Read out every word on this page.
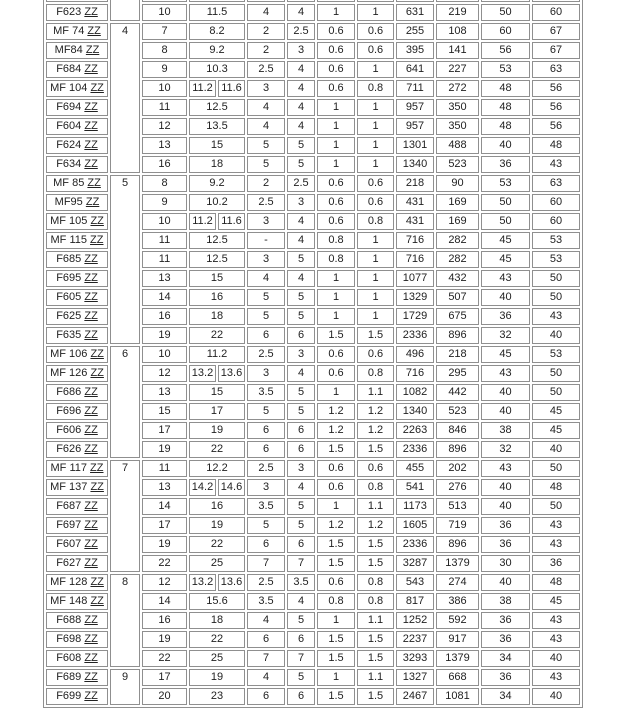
F623 ZZ		10	11.5		4	4	1	1	631	219	50	60
MF 74 ZZ	4	7	8.2		2	2.5	0.6	0.6	255	108	60	67
MF84 ZZ		8	9.2		2	3	0.6	0.6	395	141	56	67
F684 ZZ		9	10.3		2.5	4	0.6	1	641	227	53	63
MF 104 ZZ		10	11.2	11.6	3	4	0.6	0.8	711	272	48	56
F694 ZZ		11	12.5		4	4	1	1	957	350	48	56
F604 ZZ		12	13.5		4	4	1	1	957	350	48	56
F624 ZZ		13	15		5	5	1	1	1301	488	40	48
F634 ZZ		16	18		5	5	1	1	1340	523	36	43
MF 85 ZZ	5	8	9.2		2	2.5	0.6	0.6	218	90	53	63
MF95 ZZ		9	10.2		2.5	3	0.6	0.6	431	169	50	60
MF 105 ZZ		10	11.2	11.6	3	4	0.6	0.8	431	169	50	60
MF 115 ZZ		11	12.5		-	4	0.8	1	716	282	45	53
F685 ZZ		11	12.5		3	5	0.8	1	716	282	45	53
F695 ZZ		13	15		4	4	1	1	1077	432	43	50
F605 ZZ		14	16		5	5	1	1	1329	507	40	50
F625 ZZ		16	18		5	5	1	1	1729	675	36	43
F635 ZZ		19	22		6	6	1.5	1.5	2336	896	32	40
MF 106 ZZ	6	10	11.2		2.5	3	0.6	0.6	496	218	45	53
MF 126 ZZ		12	13.2	13.6	3	4	0.6	0.8	716	295	43	50
F686 ZZ		13	15		3.5	5	1	1.1	1082	442	40	50
F696 ZZ		15	17		5	5	1.2	1.2	1340	523	40	45
F606 ZZ		17	19		6	6	1.2	1.2	2263	846	38	45
F626 ZZ		19	22		6	6	1.5	1.5	2336	896	32	40
MF 117 ZZ	7	11	12.2		2.5	3	0.6	0.6	455	202	43	50
MF 137 ZZ		13	14.2	14.6	3	4	0.6	0.8	541	276	40	48
F687 ZZ		14	16		3.5	5	1	1.1	1173	513	40	50
F697 ZZ		17	19		5	5	1.2	1.2	1605	719	36	43
F607 ZZ		19	22		6	6	1.5	1.5	2336	896	36	43
F627 ZZ		22	25		7	7	1.5	1.5	3287	1379	30	36
MF 128 ZZ	8	12	13.2	13.6	2.5	3.5	0.6	0.8	543	274	40	48
MF 148 ZZ		14	15.6		3.5	4	0.8	0.8	817	386	38	45
F688 ZZ		16	18		4	5	1	1.1	1252	592	36	43
F698 ZZ		19	22		6	6	1.5	1.5	2237	917	36	43
F608 ZZ		22	25		7	7	1.5	1.5	3293	1379	34	40
F689 ZZ	9	17	19		4	5	1	1.1	1327	668	36	43
F699 ZZ		20	23		6	6	1.5	1.5	2467	1081	34	40
